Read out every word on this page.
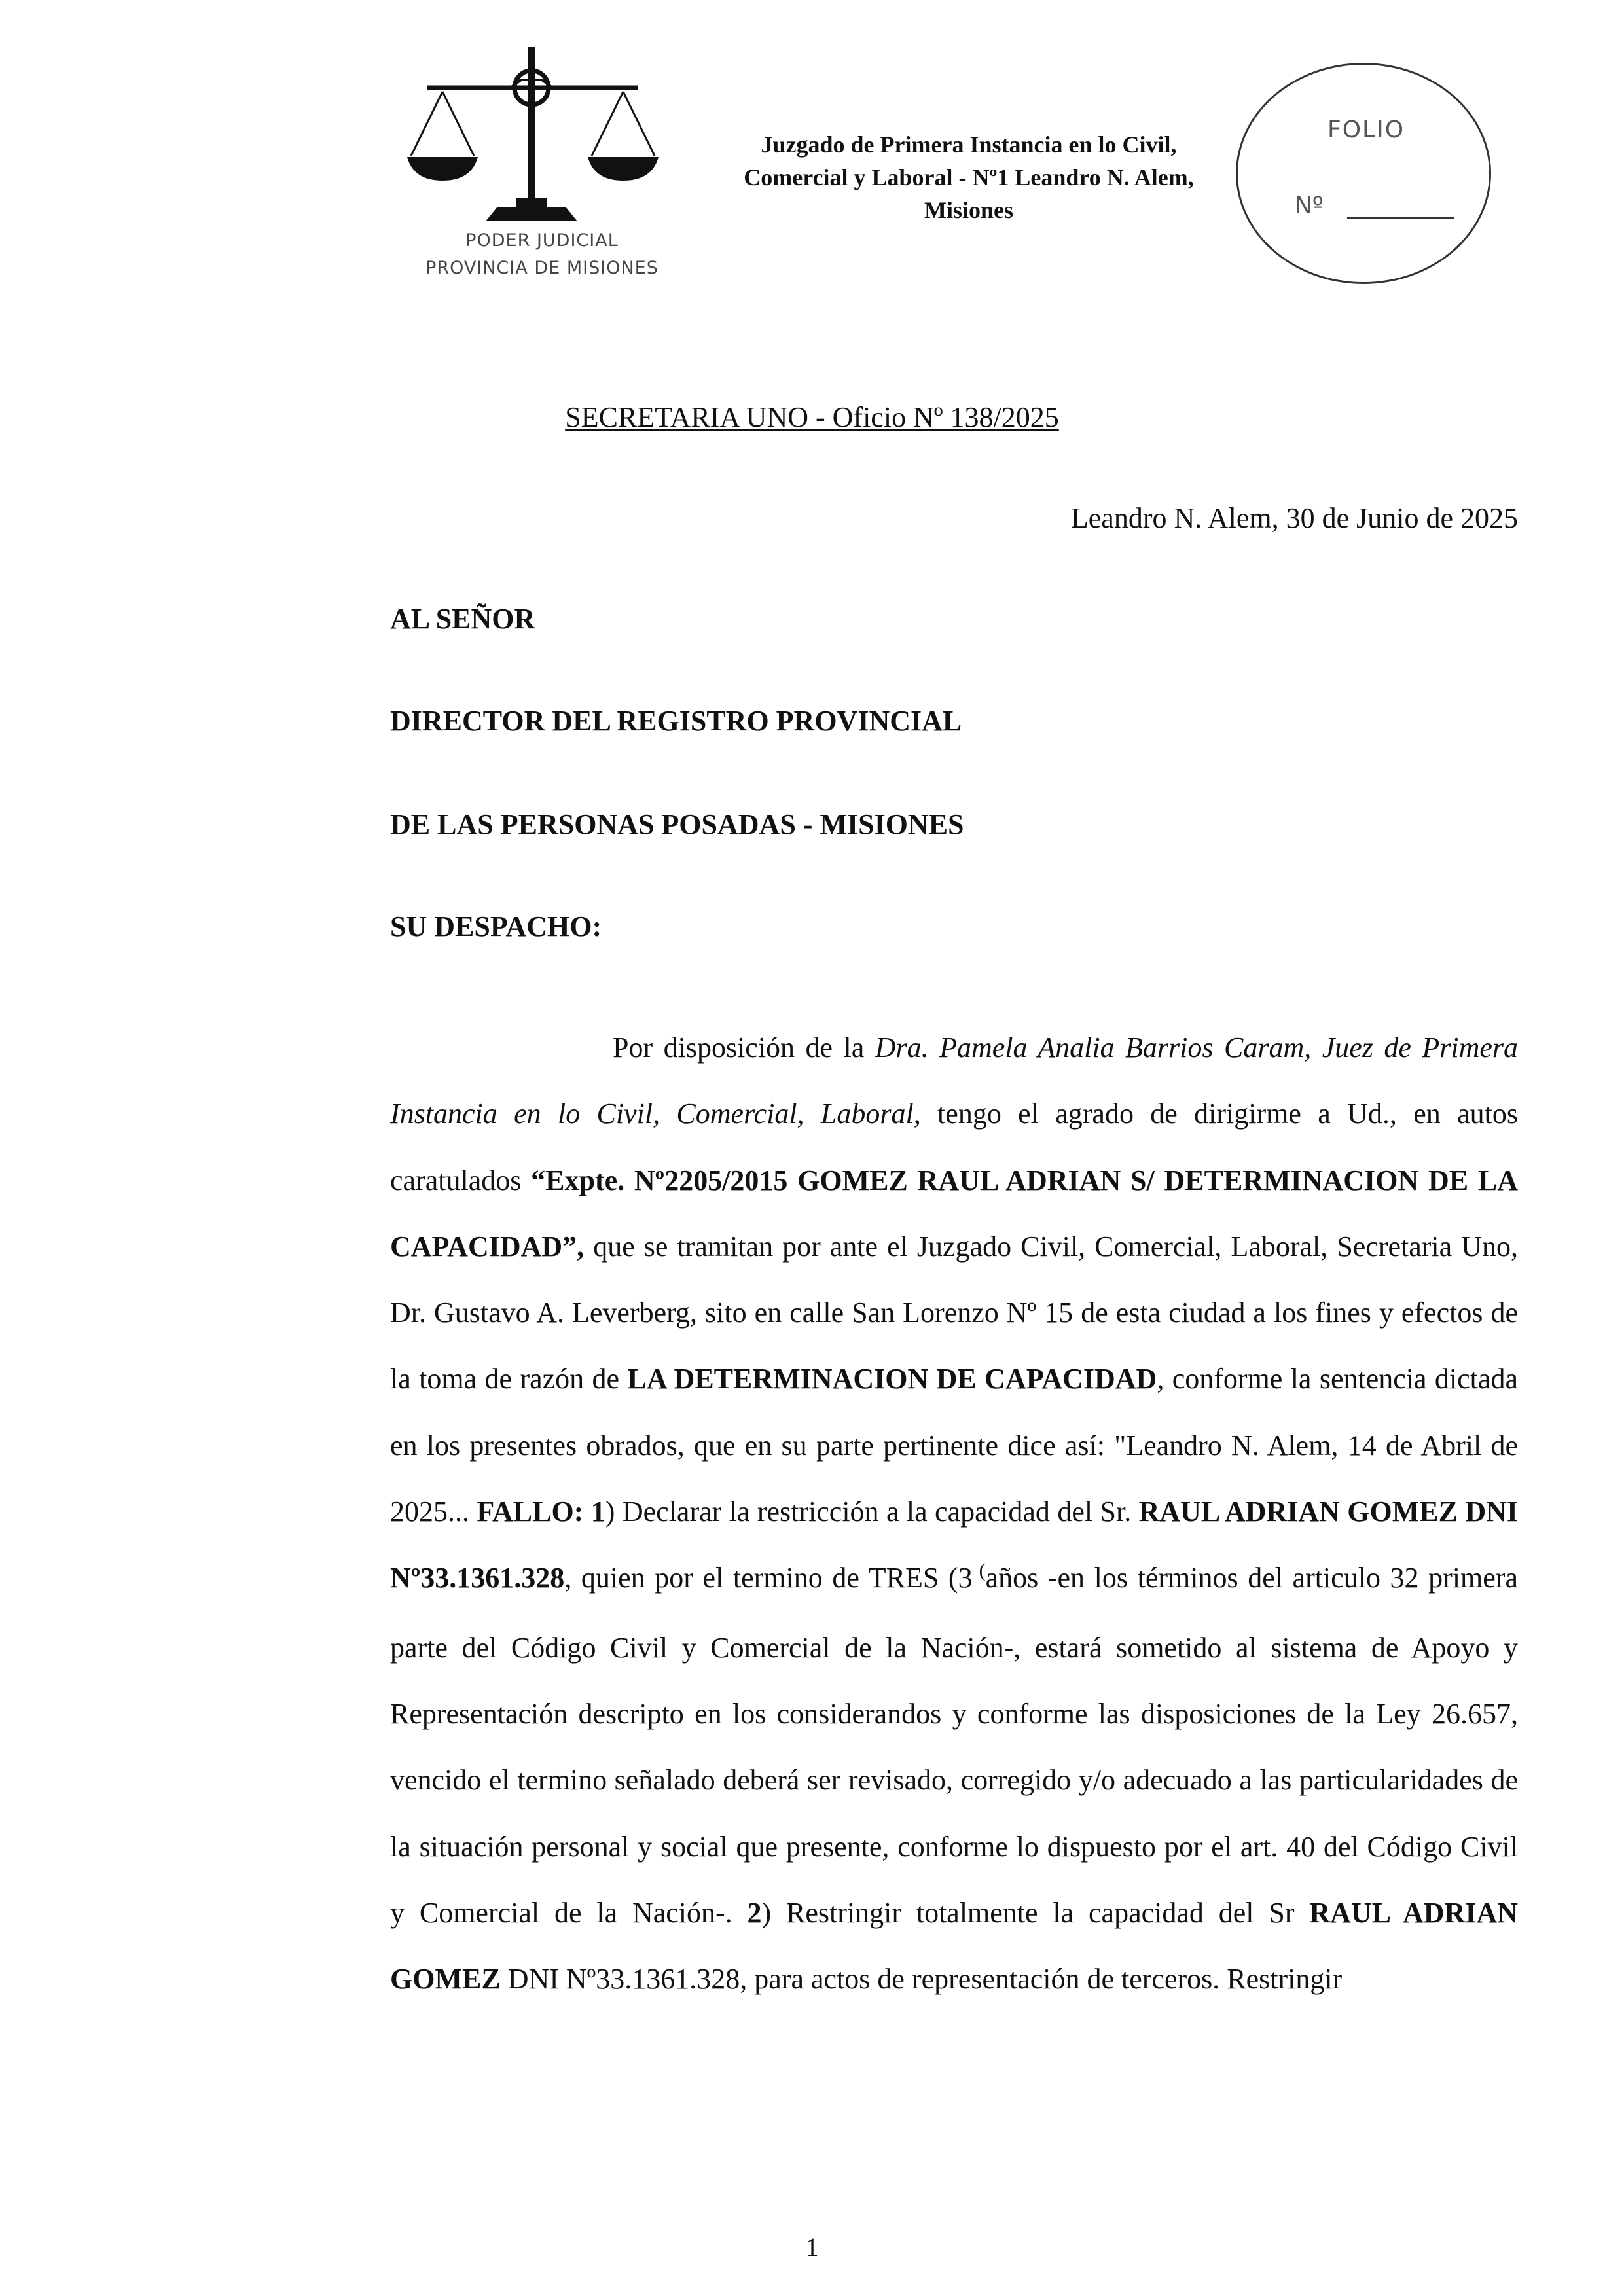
PODER JUDICIAL
PROVINCIA DE MISIONES
Juzgado de Primera Instancia en lo Civil,
Comercial y Laboral - Nº1 Leandro N. Alem,
Misiones
FOLIO
Nº
SECRETARIA UNO - Oficio Nº 138/2025
Leandro N. Alem, 30 de Junio de 2025
AL SEÑOR
DIRECTOR DEL REGISTRO PROVINCIAL
DE LAS PERSONAS POSADAS - MISIONES
SU DESPACHO:

Por disposición de la Dra. Pamela Analia Barrios Caram, Juez de Primera Instancia en lo Civil, Comercial, Laboral, tengo el agrado de dirigirme a Ud., en autos caratulados “Expte. Nº2205/2015 GOMEZ RAUL ADRIAN S/ DETERMINACION DE LA CAPACIDAD”, que se tramitan por ante el Juzgado Civil, Comercial, Laboral, Secretaria Uno, Dr. Gustavo A. Leverberg, sito en calle San Lorenzo Nº 15 de esta ciudad a los fines y efectos de la toma de razón de LA DETERMINACION DE CAPACIDAD, conforme la sentencia dictada en los presentes obrados, que en su parte pertinente dice así: "Leandro N. Alem, 14 de Abril de 2025... FALLO: 1) Declarar la restricción a la capacidad del Sr. RAUL ADRIAN GOMEZ DNI Nº33.1361.328, quien por el termino de TRES (3 (años -en los términos del articulo 32 primera parte del Código Civil y Comercial de la Nación-, estará sometido al sistema de Apoyo y Representación descripto en los considerandos y conforme las disposiciones de la Ley 26.657, vencido el termino señalado deberá ser revisado, corregido y/o adecuado a las particularidades de la situación personal y social que presente, conforme lo dispuesto por el art. 40 del Código Civil y Comercial de la Nación-. 2) Restringir totalmente la capacidad del Sr RAUL ADRIAN GOMEZ DNI Nº33.1361.328, para actos de representación de terceros. Restringir

1
